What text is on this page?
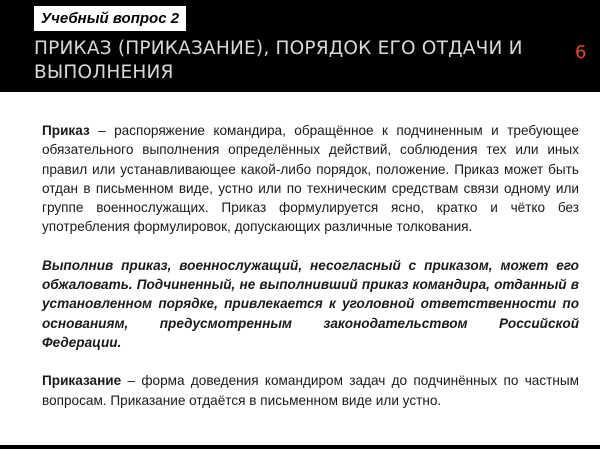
Учебный вопрос 2
ПРИКАЗ (ПРИКАЗАНИЕ), ПОРЯДОК ЕГО ОТДАЧИ И ВЫПОЛНЕНИЯ
6

Приказ – распоряжение командира, обращённое к подчиненным и требующее обязательного выполнения определённых действий, соблюдения тех или иных правил или устанавливающее какой-либо порядок, положение. Приказ может быть отдан в письменном виде, устно или по техническим средствам связи одному или группе военнослужащих. Приказ формулируется ясно, кратко и чётко без употребления формулировок, допускающих различные толкования.

Выполнив приказ, военнослужащий, несогласный с приказом, может его обжаловать. Подчиненный, не выполнивший приказ командира, отданный в установленном порядке, привлекается к уголовной ответственности по основаниям, предусмотренным законодательством Российской Федерации.

Приказание – форма доведения командиром задач до подчинённых по частным вопросам. Приказание отдаётся в письменном виде или устно.
